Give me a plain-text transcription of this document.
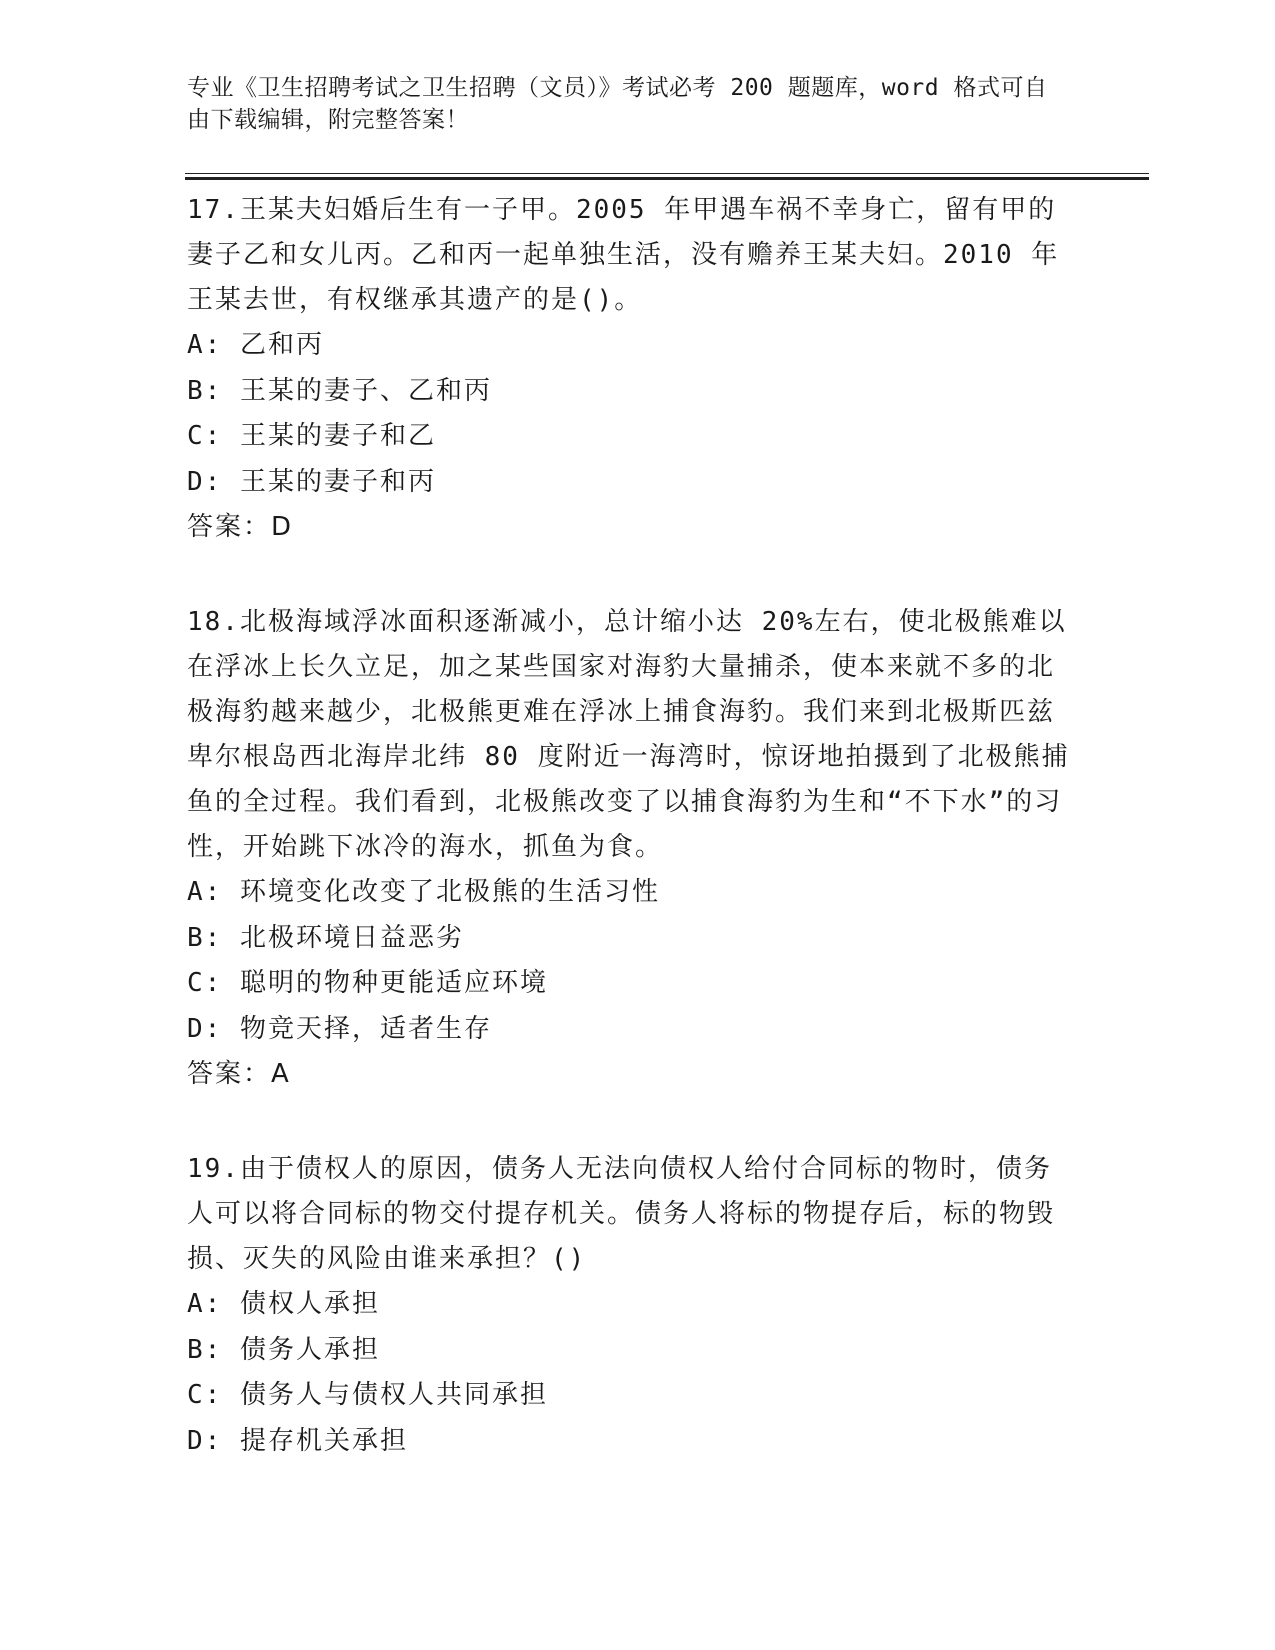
专业《卫生招聘考试之卫生招聘（文员）》考试必考 200 题题库，word 格式可自由下载编辑，附完整答案！
17.王某夫妇婚后生有一子甲。2005 年甲遇车祸不幸身亡，留有甲的妻子乙和女儿丙。乙和丙一起单独生活，没有赡养王某夫妇。2010 年王某去世，有权继承其遗产的是()。
A: 乙和丙
B: 王某的妻子、乙和丙
C: 王某的妻子和乙
D: 王某的妻子和丙
答案：D
18.北极海域浮冰面积逐渐减小，总计缩小达 20%左右，使北极熊难以在浮冰上长久立足，加之某些国家对海豹大量捕杀，使本来就不多的北极海豹越来越少，北极熊更难在浮冰上捕食海豹。我们来到北极斯匹兹卑尔根岛西北海岸北纬 80 度附近一海湾时，惊讶地拍摄到了北极熊捕鱼的全过程。我们看到，北极熊改变了以捕食海豹为生和“不下水”的习性，开始跳下冰冷的海水，抓鱼为食。
A: 环境变化改变了北极熊的生活习性
B: 北极环境日益恶劣
C: 聪明的物种更能适应环境
D: 物竞天择，适者生存
答案：A
19.由于债权人的原因，债务人无法向债权人给付合同标的物时，债务人可以将合同标的物交付提存机关。债务人将标的物提存后，标的物毁损、灭失的风险由谁来承担？()
A: 债权人承担
B: 债务人承担
C: 债务人与债权人共同承担
D: 提存机关承担
